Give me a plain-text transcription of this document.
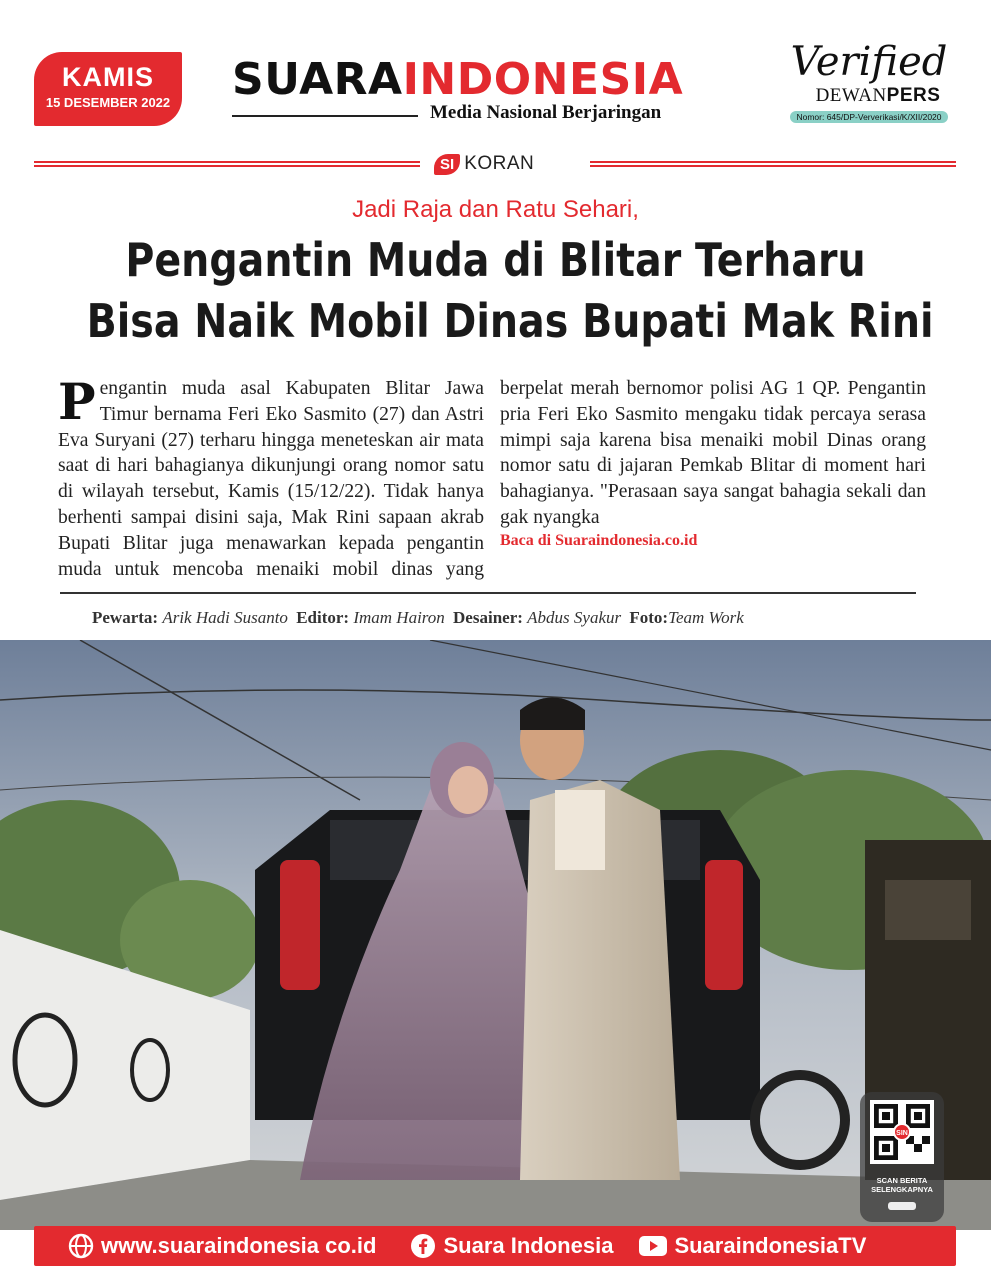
KAMIS
15 DESEMBER 2022 SUARAINDONESIA
Media Nasional Berjaringan
Verified
DEWANPERS
Nomor: 645/DP-Ververikasi/K/XII/2020
SI KORAN
Jadi Raja dan Ratu Sehari,
Pengantin Muda di Blitar Terharu
Bisa Naik Mobil Dinas Bupati Mak Rini

Pengantin muda asal Kabupaten Blitar Jawa Timur bernama Feri Eko Sasmito (27) dan Astri Eva Suryani (27) terharu hingga meneteskan air mata saat di hari bahagianya dikunjungi orang nomor satu di wilayah tersebut, Kamis (15/12/22). Tidak hanya berhenti sampai disini saja, Mak Rini sapaan akrab Bupati Blitar juga menawarkan kepada pengantin muda untuk mencoba menaiki mobil dinas yang berpelat merah bernomor polisi AG 1 QP. Pengantin pria Feri Eko Sasmito mengaku tidak percaya serasa mimpi saja karena bisa menaiki mobil Dinas orang nomor satu di jajaran Pemkab Blitar di moment hari bahagianya. "Perasaan saya sangat bahagia sekali dan gak nyangka

Baca di Suaraindonesia.co.id
Pewarta: Arik Hadi Susanto Editor: Imam Hairon Desainer: Abdus Syakur Foto:Team Work
SIN
SCAN BERITA
SELENGKAPNYA
www.suaraindonesia co.id	Suara Indonesia	SuaraindonesiaTV
